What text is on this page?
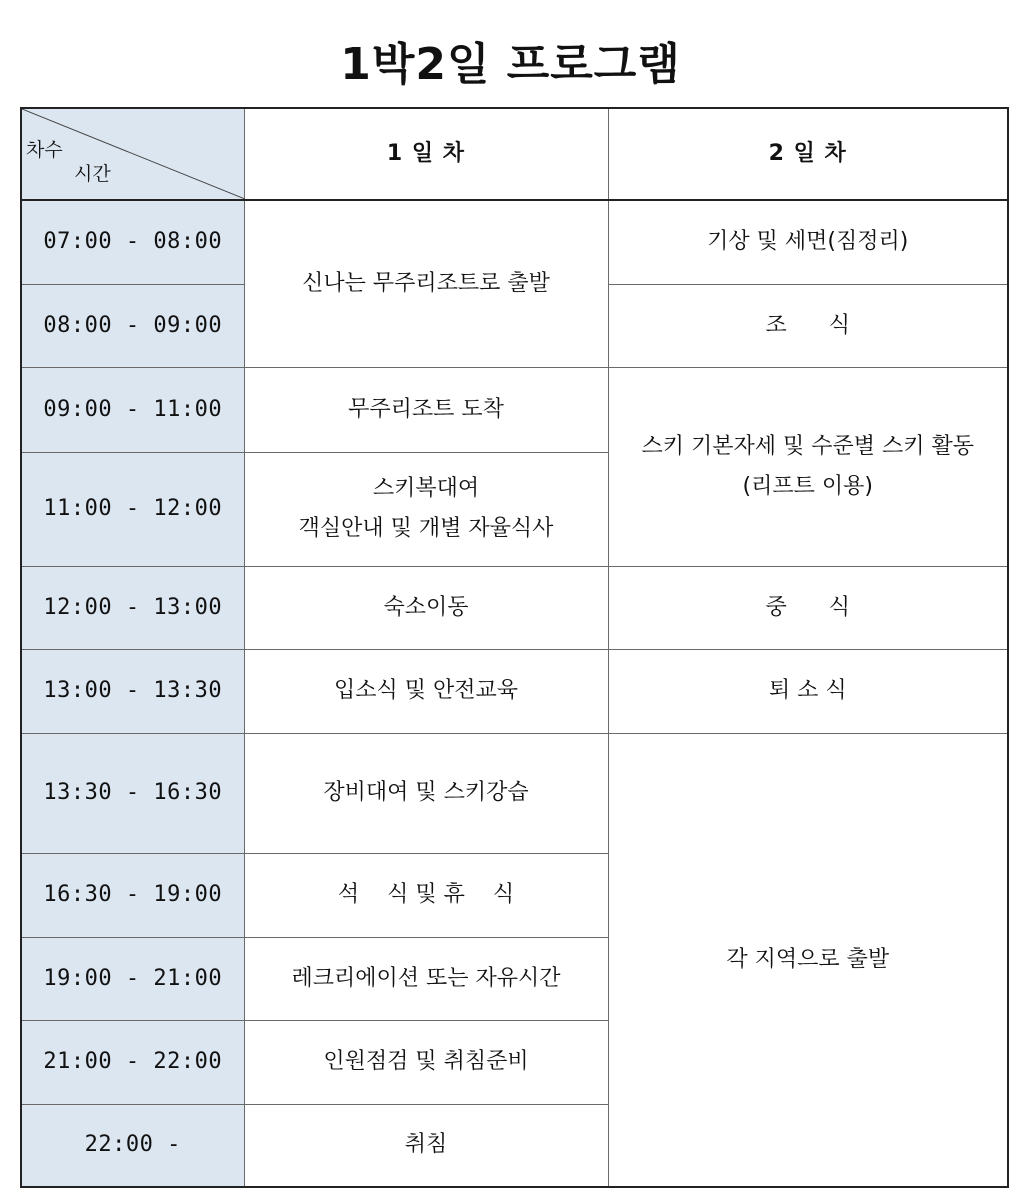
1박2일 프로그램
차수
시간	1 일 차	2 일 차
07:00 - 08:00	신나는 무주리조트로 출발	기상 및 세면(짐정리)
08:00 - 09:00		조      식
09:00 - 11:00	무주리조트 도착	스키 기본자세 및 수준별 스키 활동
(리프트 이용)

11:00 - 12:00	스키복대여
객실안내 및 개별 자율식사	

12:00 - 13:00	숙소이동	중      식
13:00 - 13:30	입소식 및 안전교육	퇴 소 식
13:30 - 16:30	장비대여 및 스키강습	각 지역으로 출발
16:30 - 19:00	석    식 및 휴    식	
19:00 - 21:00	레크리에이션 또는 자유시간	
21:00 - 22:00	인원점검 및 취침준비	
22:00 -	취침	
